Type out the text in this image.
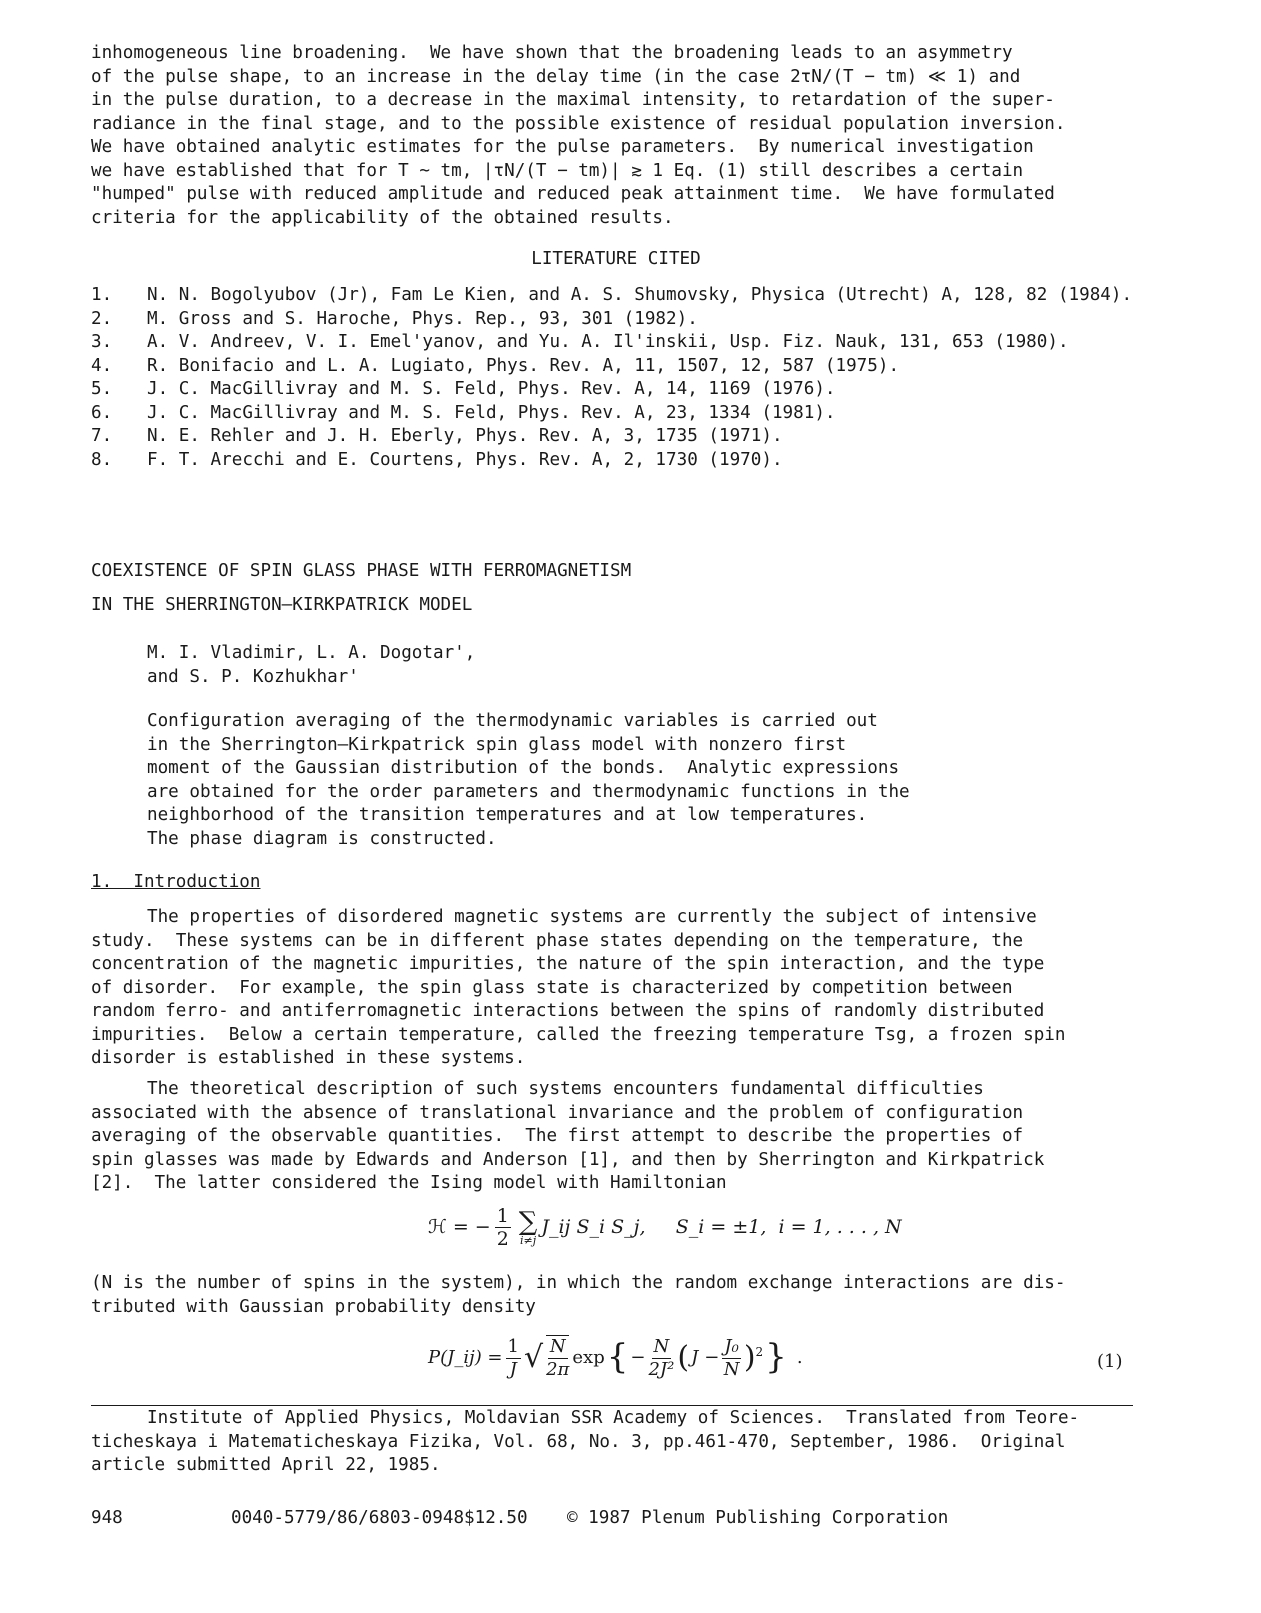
inhomogeneous line broadening.  We have shown that the broadening leads to an asymmetry

of the pulse shape, to an increase in the delay time (in the case 2τN/(T − tm) ≪ 1) and

in the pulse duration, to a decrease in the maximal intensity, to retardation of the super-

radiance in the final stage, and to the possible existence of residual population inversion.

We have obtained analytic estimates for the pulse parameters.  By numerical investigation

we have established that for T ~ tm, |τN/(T − tm)| ≳ 1 Eq. (1) still describes a certain

"humped" pulse with reduced amplitude and reduced peak attainment time.  We have formulated

criteria for the applicability of the obtained results.

LITERATURE CITED
1.	N. N. Bogolyubov (Jr), Fam Le Kien, and A. S. Shumovsky, Physica (Utrecht) A, 128, 82 (1984).
2.	M. Gross and S. Haroche, Phys. Rep., 93, 301 (1982).
3.	A. V. Andreev, V. I. Emel'yanov, and Yu. A. Il'inskii, Usp. Fiz. Nauk, 131, 653 (1980).
4.	R. Bonifacio and L. A. Lugiato, Phys. Rev. A, 11, 1507, 12, 587 (1975).
5.	J. C. MacGillivray and M. S. Feld, Phys. Rev. A, 14, 1169 (1976).
6.	J. C. MacGillivray and M. S. Feld, Phys. Rev. A, 23, 1334 (1981).
7.	N. E. Rehler and J. H. Eberly, Phys. Rev. A, 3, 1735 (1971).
8.	F. T. Arecchi and E. Courtens, Phys. Rev. A, 2, 1730 (1970).

COEXISTENCE OF SPIN GLASS PHASE WITH FERROMAGNETISM

IN THE SHERRINGTON–KIRKPATRICK MODEL

M. I. Vladimir, L. A. Dogotar',

and S. P. Kozhukhar'

Configuration averaging of the thermodynamic variables is carried out

in the Sherrington–Kirkpatrick spin glass model with nonzero first

moment of the Gaussian distribution of the bonds.  Analytic expressions

are obtained for the order parameters and thermodynamic functions in the

neighborhood of the transition temperatures and at low temperatures.

The phase diagram is constructed.

1.  Introduction

The properties of disordered magnetic systems are currently the subject of intensive

study.  These systems can be in different phase states depending on the temperature, the

concentration of the magnetic impurities, the nature of the spin interaction, and the type

of disorder.  For example, the spin glass state is characterized by competition between

random ferro- and antiferromagnetic interactions between the spins of randomly distributed

impurities.  Below a certain temperature, called the freezing temperature Tsg, a frozen spin

disorder is established in these systems.

The theoretical description of such systems encounters fundamental difficulties

associated with the absence of translational invariance and the problem of configuration

averaging of the observable quantities.  The first attempt to describe the properties of

spin glasses was made by Edwards and Anderson [1], and then by Sherrington and Kirkpatrick

[2].  The latter considered the Ising model with Hamiltonian

ℋ = − $\frac{1}{2}$ ∑
i≠j
J_ij S_i S_j,     S_i = ±1,  i = 1, . . . , N

(N is the number of spins in the system), in which the random exchange interactions are dis-

tributed with Gaussian probability density

P(J_ij) = $\frac{1}{J}$ √ $\frac{N}{2\pi}$ exp { − $\frac{N}{\text{2J²}}$ ( $J - \frac{\text{J₀}}{N}$ ) 2 } .	(1)

Institute of Applied Physics, Moldavian SSR Academy of Sciences.  Translated from Teore-

ticheskaya i Matematicheskaya Fizika, Vol. 68, No. 3, pp.461-470, September, 1986.  Original

article submitted April 22, 1985.

948	0040-5779/86/6803-0948$12.50 © 1987 Plenum Publishing Corporation
